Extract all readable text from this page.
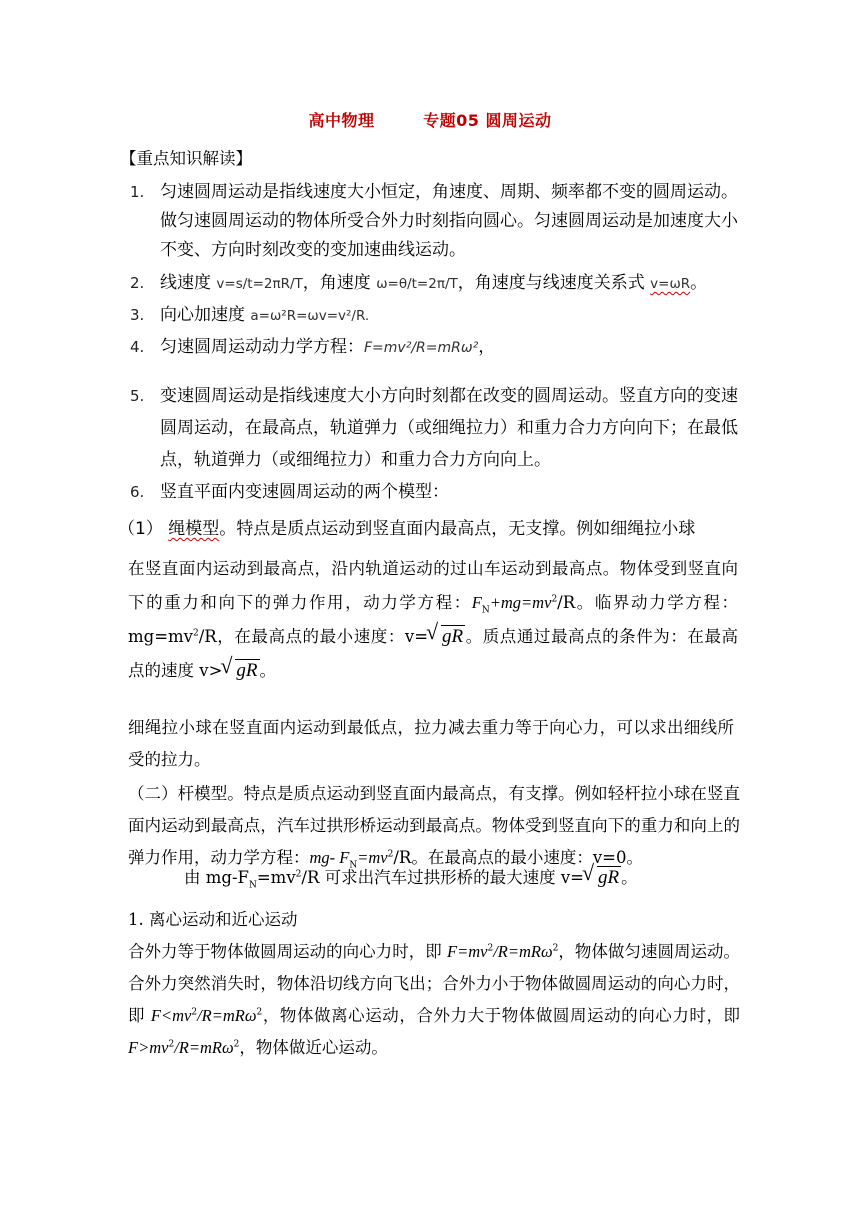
高中物理        专题05 圆周运动
【重点知识解读】
1. 匀速圆周运动是指线速度大小恒定，角速度、周期、频率都不变的圆周运动。做匀速圆周运动的物体所受合外力时刻指向圆心。匀速圆周运动是加速度大小不变、方向时刻改变的变加速曲线运动。
2. 线速度 v=s/t=2πR/T，角速度 ω=θ/t=2π/T，角速度与线速度关系式 v=ωR。
3. 向心加速度 a=ω²R=ωv=v²/R.
4. 匀速圆周运动动力学方程：F=mv²/R=mRω²，
5. 变速圆周运动是指线速度大小方向时刻都在改变的圆周运动。竖直方向的变速圆周运动，在最高点，轨道弹力（或细绳拉力）和重力合力方向向下；在最低点，轨道弹力（或细绳拉力）和重力合力方向向上。
6. 竖直平面内变速圆周运动的两个模型：
（1） 绳模型。特点是质点运动到竖直面内最高点，无支撑。例如细绳拉小球
在竖直面内运动到最高点，沿内轨道运动的过山车运动到最高点。物体受到竖直向下的重力和向下的弹力作用，动力学方程：$F_N+mg=mv^2/R$。临界动力学方程：$mg=mv^2/R$，在最高点的最小速度：v= √ gR 。质点通过最高点的条件为：在最高点的速度 v> √ gR 。
细绳拉小球在竖直面内运动到最低点，拉力减去重力等于向心力，可以求出细线所受的拉力。
（二）杆模型。特点是质点运动到竖直面内最高点，有支撑。例如轻杆拉小球在竖直面内运动到最高点，汽车过拱形桥运动到最高点。物体受到竖直向下的重力和向上的弹力作用，动力学方程：mg- $F_N=mv^2/R$。在最高点的最小速度：v=0。
由 $mg-F_N=mv^2/R$ 可求出汽车过拱形桥的最大速度 v= √ gR 。
1. 离心运动和近心运动
合外力等于物体做圆周运动的向心力时，即 $F=mv^2/R=mR\omega^2$，物体做匀速圆周运动。合外力突然消失时，物体沿切线方向飞出；合外力小于物体做圆周运动的向心力时，即 $F<mv^2/R=mR\omega^2$，物体做离心运动，合外力大于物体做圆周运动的向心力时，即 $F>mv^2/R=mR\omega^2$，物体做近心运动。
